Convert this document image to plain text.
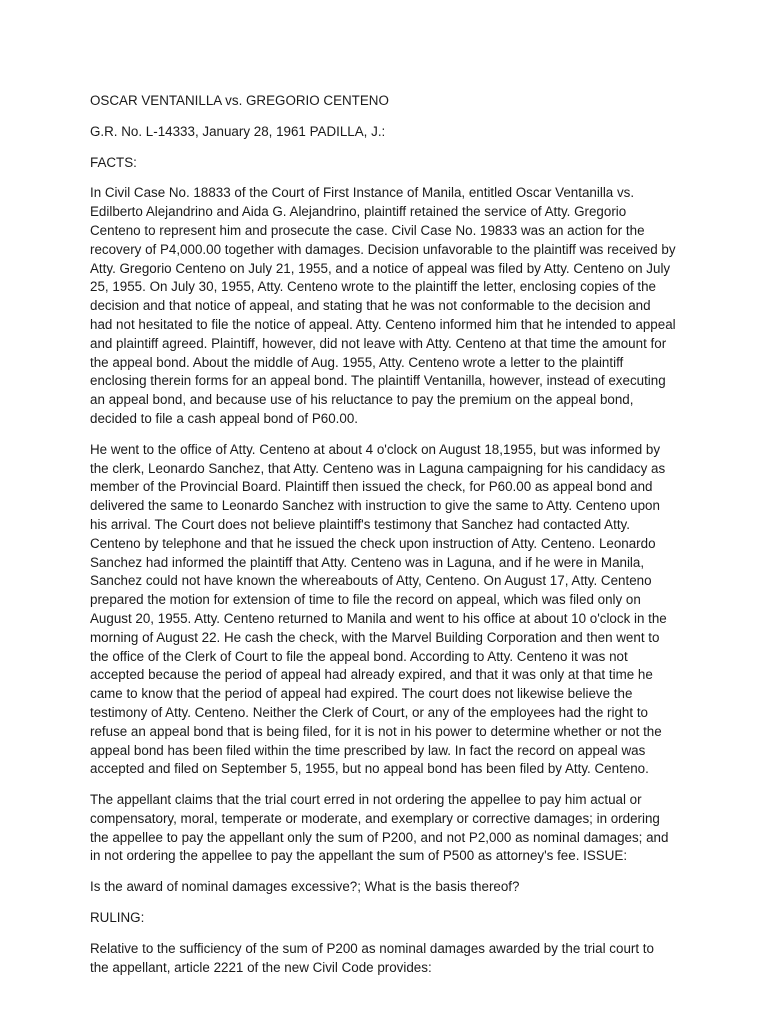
OSCAR VENTANILLA vs. GREGORIO CENTENO

G.R. No. L-14333, January 28, 1961 PADILLA, J.:

FACTS:

In Civil Case No. 18833 of the Court of First Instance of Manila, entitled Oscar Ventanilla vs. Edilberto Alejandrino and Aida G. Alejandrino, plaintiff retained the service of Atty. Gregorio Centeno to represent him and prosecute the case. Civil Case No. 19833 was an action for the recovery of P4,000.00 together with damages. Decision unfavorable to the plaintiff was received by Atty. Gregorio Centeno on July 21, 1955, and a notice of appeal was filed by Atty. Centeno on July 25, 1955. On July 30, 1955, Atty. Centeno wrote to the plaintiff the letter, enclosing copies of the decision and that notice of appeal, and stating that he was not conformable to the decision and had not hesitated to file the notice of appeal. Atty. Centeno informed him that he intended to appeal and plaintiff agreed. Plaintiff, however, did not leave with Atty. Centeno at that time the amount for the appeal bond. About the middle of Aug. 1955, Atty. Centeno wrote a letter to the plaintiff enclosing therein forms for an appeal bond. The plaintiff Ventanilla, however, instead of executing an appeal bond, and because use of his reluctance to pay the premium on the appeal bond, decided to file a cash appeal bond of P60.00.

He went to the office of Atty. Centeno at about 4 o'clock on August 18,1955, but was informed by the clerk, Leonardo Sanchez, that Atty. Centeno was in Laguna campaigning for his candidacy as member of the Provincial Board. Plaintiff then issued the check, for P60.00 as appeal bond and delivered the same to Leonardo Sanchez with instruction to give the same to Atty. Centeno upon his arrival. The Court does not believe plaintiff's testimony that Sanchez had contacted Atty. Centeno by telephone and that he issued the check upon instruction of Atty. Centeno. Leonardo Sanchez had informed the plaintiff that Atty. Centeno was in Laguna, and if he were in Manila, Sanchez could not have known the whereabouts of Atty, Centeno. On August 17, Atty. Centeno prepared the motion for extension of time to file the record on appeal, which was filed only on August 20, 1955. Atty. Centeno returned to Manila and went to his office at about 10 o'clock in the morning of August 22. He cash the check, with the Marvel Building Corporation and then went to the office of the Clerk of Court to file the appeal bond. According to Atty. Centeno it was not accepted because the period of appeal had already expired, and that it was only at that time he came to know that the period of appeal had expired. The court does not likewise believe the testimony of Atty. Centeno. Neither the Clerk of Court, or any of the employees had the right to refuse an appeal bond that is being filed, for it is not in his power to determine whether or not the appeal bond has been filed within the time prescribed by law. In fact the record on appeal was accepted and filed on September 5, 1955, but no appeal bond has been filed by Atty. Centeno.

The appellant claims that the trial court erred in not ordering the appellee to pay him actual or compensatory, moral, temperate or moderate, and exemplary or corrective damages; in ordering the appellee to pay the appellant only the sum of P200, and not P2,000 as nominal damages; and in not ordering the appellee to pay the appellant the sum of P500 as attorney's fee. ISSUE:

Is the award of nominal damages excessive?; What is the basis thereof?

RULING:

Relative to the sufficiency of the sum of P200 as nominal damages awarded by the trial court to the appellant, article 2221 of the new Civil Code provides:
